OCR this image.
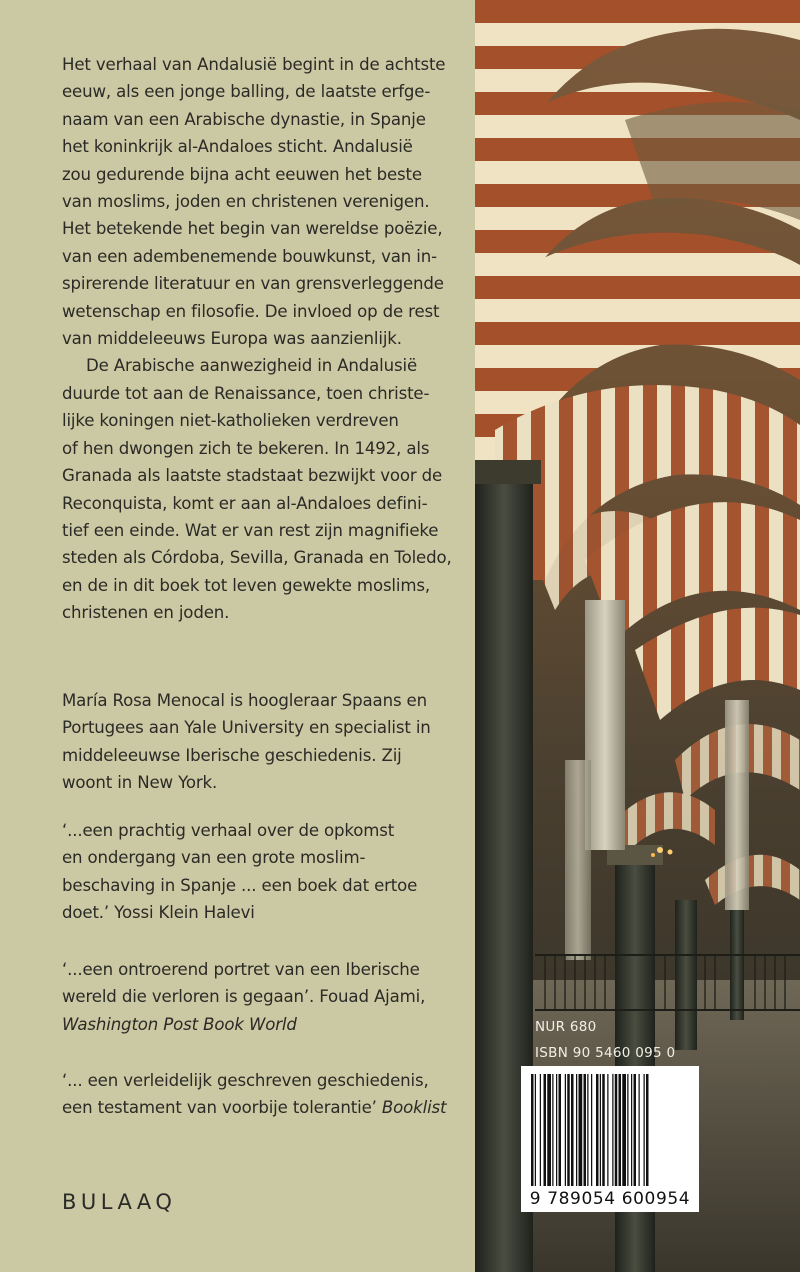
Het verhaal van Andalusië begint in de achtste
eeuw, als een jonge balling, de laatste erfge-
naam van een Arabische dynastie, in Spanje
het koninkrijk al-Andaloes sticht. Andalusië
zou gedurende bijna acht eeuwen het beste
van moslims, joden en christenen verenigen.
Het betekende het begin van wereldse poëzie,
van een adembenemende bouwkunst, van in-
spirerende literatuur en van grensverleggende
wetenschap en filosofie. De invloed op de rest
van middeleeuws Europa was aanzienlijk.

De Arabische aanwezigheid in Andalusië
duurde tot aan de Renaissance, toen christe-
lijke koningen niet-katholieken verdreven
of hen dwongen zich te bekeren. In 1492, als
Granada als laatste stadstaat bezwijkt voor de
Reconquista, komt er aan al-Andaloes defini-
tief een einde. Wat er van rest zijn magnifieke
steden als Córdoba, Sevilla, Granada en Toledo,
en de in dit boek tot leven gewekte moslims,
christenen en joden.

María Rosa Menocal is hoogleraar Spaans en
Portugees aan Yale University en specialist in
middeleeuwse Iberische geschiedenis. Zij
woont in New York.
‘...een prachtig verhaal over de opkomst
en ondergang van een grote moslim-
beschaving in Spanje ... een boek dat ertoe
doet.’ Yossi Klein Halevi
‘...een ontroerend portret van een Iberische
wereld die verloren is gegaan’. Fouad Ajami,
Washington Post Book World
‘... een verleidelijk geschreven geschiedenis,
een testament van voorbije tolerantie’ Booklist
BULAAQ
NUR 680
ISBN 90 5460 095 0
9 789054 600954
